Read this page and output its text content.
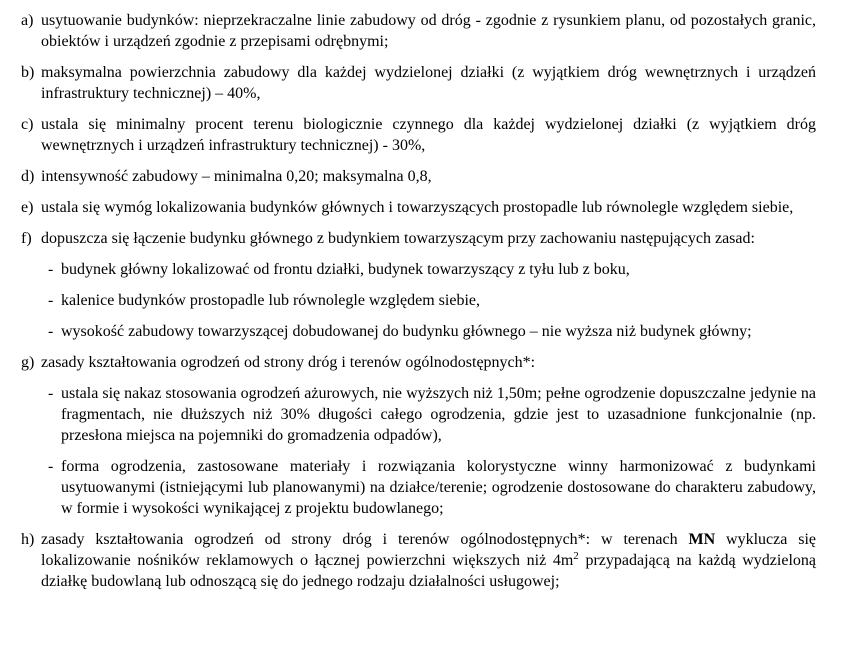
a) usytuowanie budynków: nieprzekraczalne linie zabudowy od dróg - zgodnie z rysunkiem planu, od pozostałych granic, obiektów i urządzeń zgodnie z przepisami odrębnymi;
b) maksymalna powierzchnia zabudowy dla każdej wydzielonej działki (z wyjątkiem dróg wewnętrznych i urządzeń infrastruktury technicznej) – 40%,
c) ustala się minimalny procent terenu biologicznie czynnego dla każdej wydzielonej działki (z wyjątkiem dróg wewnętrznych i urządzeń infrastruktury technicznej) - 30%,
d) intensywność zabudowy – minimalna 0,20; maksymalna 0,8,
e) ustala się wymóg lokalizowania budynków głównych i towarzyszących prostopadle lub równolegle względem siebie,
f) dopuszcza się łączenie budynku głównego z budynkiem towarzyszącym przy zachowaniu następujących zasad:
- budynek główny lokalizować od frontu działki, budynek towarzyszący z tyłu lub z boku,
- kalenice budynków prostopadle lub równolegle względem siebie,
- wysokość zabudowy towarzyszącej dobudowanej do budynku głównego – nie wyższa niż budynek główny;
g) zasady kształtowania ogrodzeń od strony dróg i terenów ogólnodostępnych*:
- ustala się nakaz stosowania ogrodzeń ażurowych, nie wyższych niż 1,50m; pełne ogrodzenie dopuszczalne jedynie na fragmentach, nie dłuższych niż 30% długości całego ogrodzenia, gdzie jest to uzasadnione funkcjonalnie (np. przesłona miejsca na pojemniki do gromadzenia odpadów),
- forma ogrodzenia, zastosowane materiały i rozwiązania kolorystyczne winny harmonizować z budynkami usytuowanymi (istniejącymi lub planowanymi) na działce/terenie; ogrodzenie dostosowane do charakteru zabudowy, w formie i wysokości wynikającej z projektu budowlanego;
h) zasady kształtowania ogrodzeń od strony dróg i terenów ogólnodostępnych*: w terenach MN wyklucza się lokalizowanie nośników reklamowych o łącznej powierzchni większych niż $4m^2$ przypadającą na każdą wydzieloną działkę budowlaną lub odnoszącą się do jednego rodzaju działalności usługowej;
